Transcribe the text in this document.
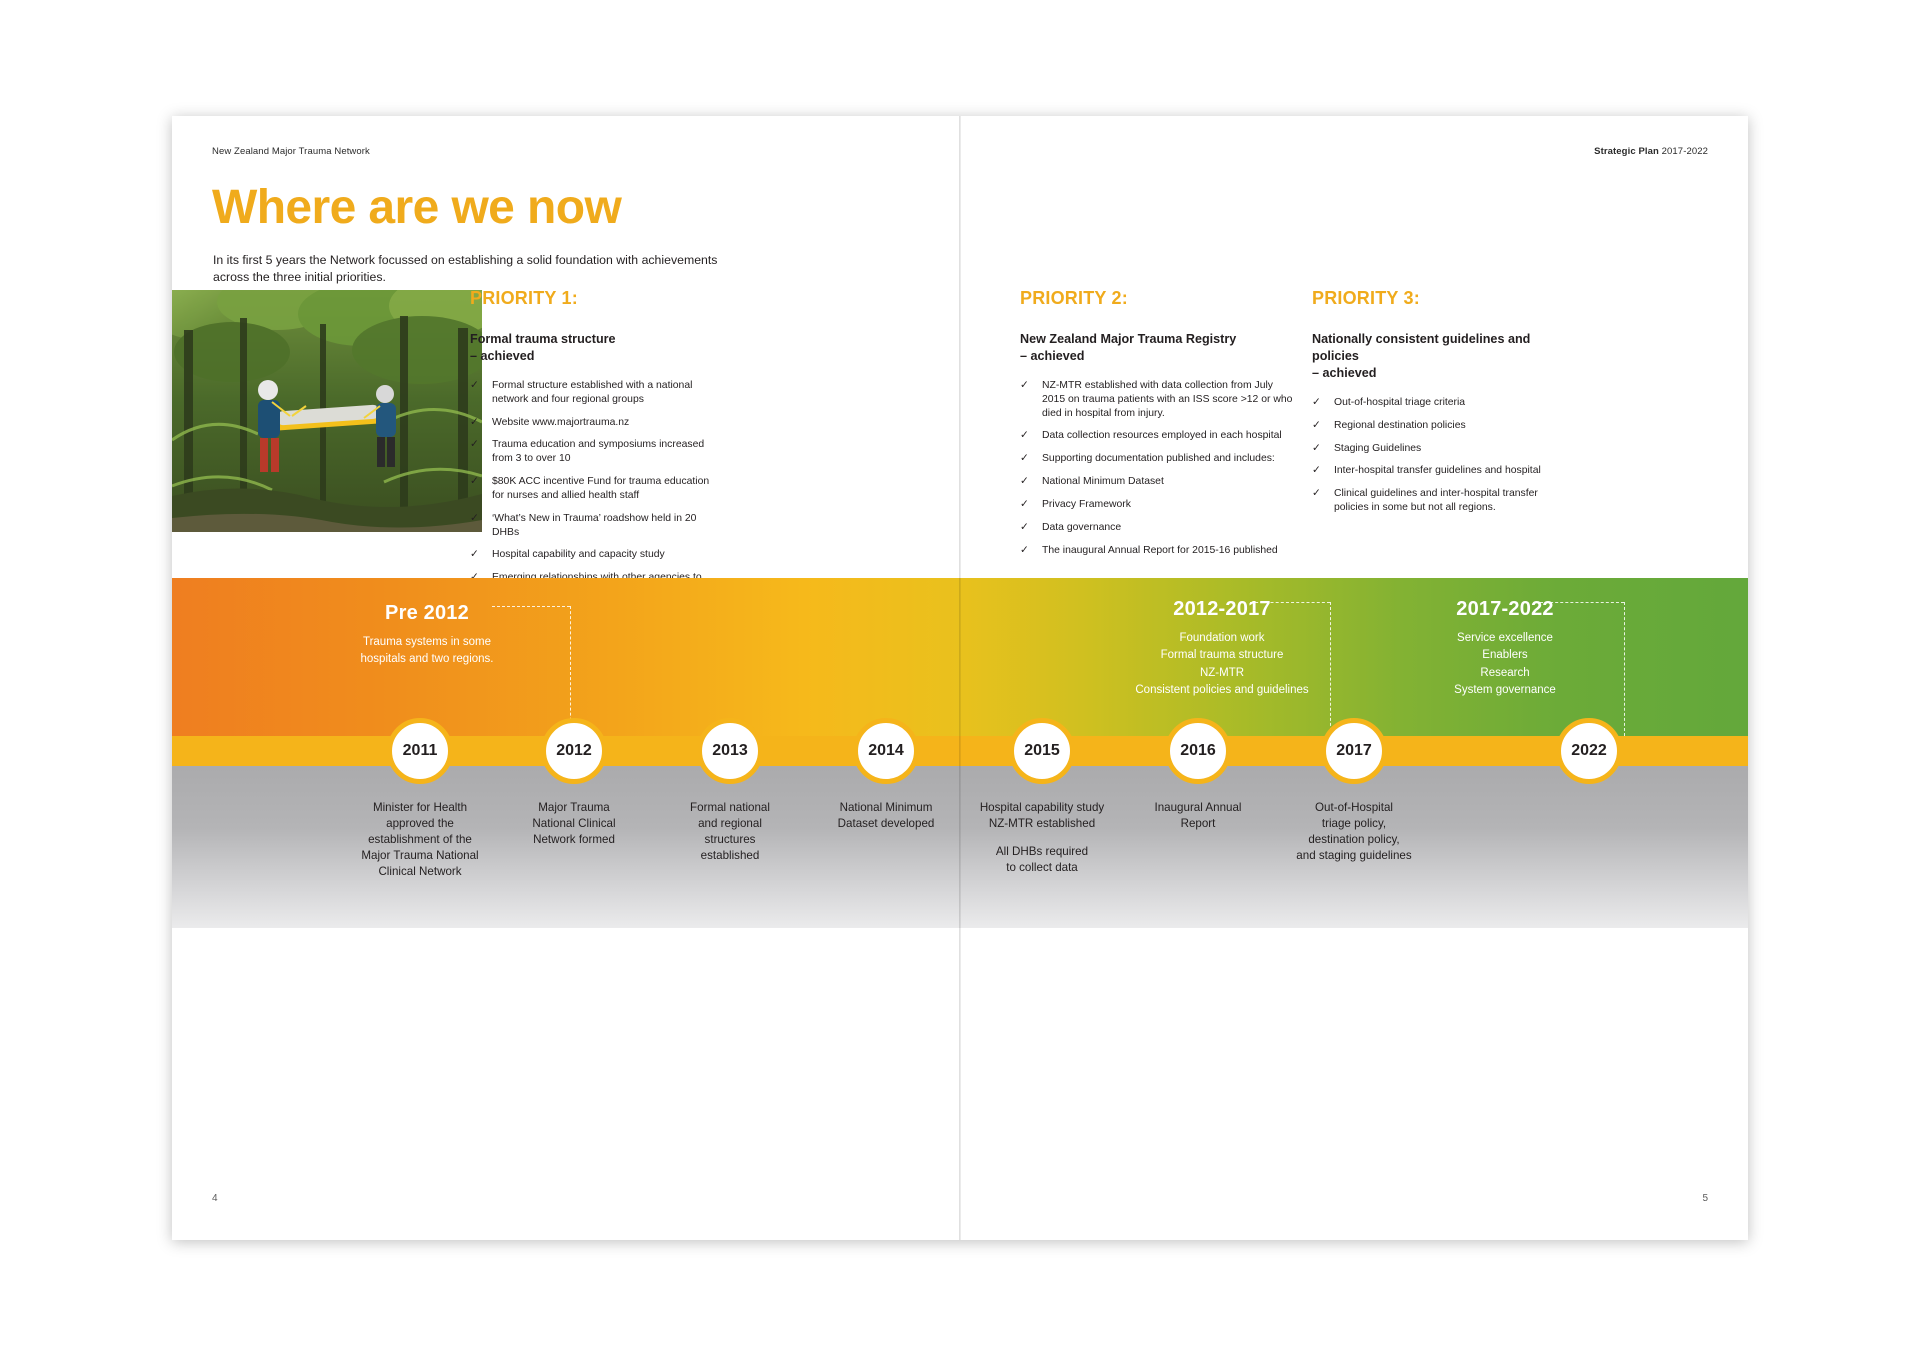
New Zealand Major Trauma Network
Where are we now
In its first 5 years the Network focussed on establishing a solid foundation with achievements across the three initial priorities.
PRIORITY 1:
Formal trauma structure
– achieved
✓ Formal structure established with a national network and four regional groups
✓ Website www.majortrauma.nz
✓ Trauma education and symposiums increased from 3 to over 10
✓ $80K ACC incentive Fund for trauma education for nurses and allied health staff
✓ ‘What’s New in Trauma’ roadshow held in 20 DHBs
✓ Hospital capability and capacity study
4
Strategic Plan 2017-2022
PRIORITY 2:
New Zealand Major Trauma Registry
– achieved
✓ NZ-MTR established with data collection from July 2015 on trauma patients with an ISS score >12 or who died in hospital from injury.
✓ Data collection resources employed in each hospital
✓ Supporting documentation published and includes:
✓ National Minimum Dataset
✓ Privacy Framework
✓ Data governance
✓ The inaugural Annual Report for 2015-16 published
PRIORITY 3:
Nationally consistent guidelines and policies
– achieved
✓ Out-of-hospital triage criteria
✓ Regional destination policies
✓ Staging Guidelines
✓ Inter-hospital transfer guidelines and hospital
✓ Clinical guidelines and inter-hospital transfer policies in some but not all regions.
5
Pre 2012
Trauma systems in some
hospitals and two regions.
2012-2017
Foundation work
Formal trauma structure
NZ-MTR
Consistent policies and guidelines
2017-2022
Service excellence
Enablers
Research
System governance
2011	2012	2013	2014	2015	2016	2017	2022
Minister for Health
approved the
establishment of the
Major Trauma National
Clinical Network
Major Trauma
National Clinical
Network formed
Formal national
and regional
structures
established
National Minimum
Dataset developed
Hospital capability study
NZ-MTR established
All DHBs required
to collect data
Inaugural Annual
Report
Out-of-Hospital
triage policy,
destination policy,
and staging guidelines
